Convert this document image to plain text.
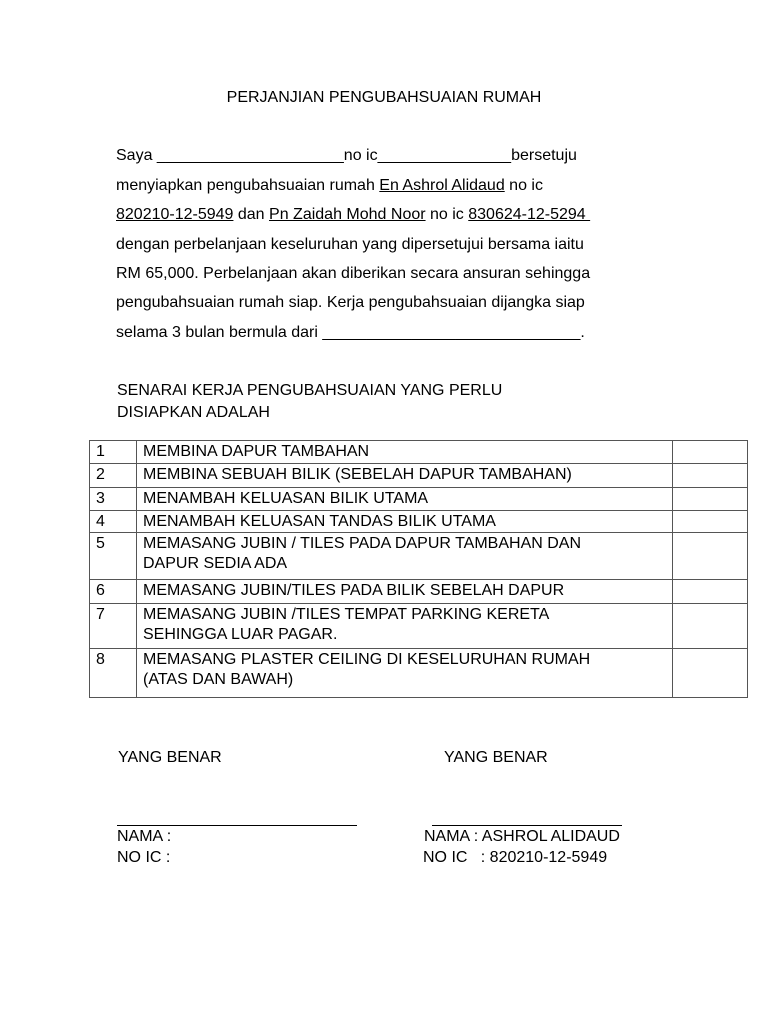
PERJANJIAN PENGUBAHSUAIAN RUMAH
Saya _____________________no ic_______________bersetuju
menyiapkan pengubahsuaian rumah En Ashrol Alidaud no ic
820210-12-5949 dan Pn Zaidah Mohd Noor no ic 830624-12-5294
dengan perbelanjaan keseluruhan yang dipersetujui bersama iaitu
RM 65,000. Perbelanjaan akan diberikan secara ansuran sehingga
pengubahsuaian rumah siap. Kerja pengubahsuaian dijangka siap
selama 3 bulan bermula dari _____________________________.
SENARAI KERJA PENGUBAHSUAIAN YANG PERLU
DISIAPKAN ADALAH
1	MEMBINA DAPUR TAMBAHAN	
2	MEMBINA SEBUAH BILIK (SEBELAH DAPUR TAMBAHAN)	
3	MENAMBAH KELUASAN BILIK UTAMA	
4	MENAMBAH KELUASAN TANDAS BILIK UTAMA	
5	MEMASANG JUBIN / TILES PADA DAPUR TAMBAHAN DAN
DAPUR SEDIA ADA	

6	MEMASANG JUBIN/TILES PADA BILIK SEBELAH DAPUR	
7	MEMASANG JUBIN /TILES TEMPAT PARKING KERETA
SEHINGGA LUAR PAGAR.	

8	MEMASANG PLASTER CEILING DI KESELURUHAN RUMAH
(ATAS DAN BAWAH)	

YANG BENAR	YANG BENAR
NAMA :
NO IC :
NAMA : ASHROL ALIDAUD
NO IC   : 820210-12-5949
